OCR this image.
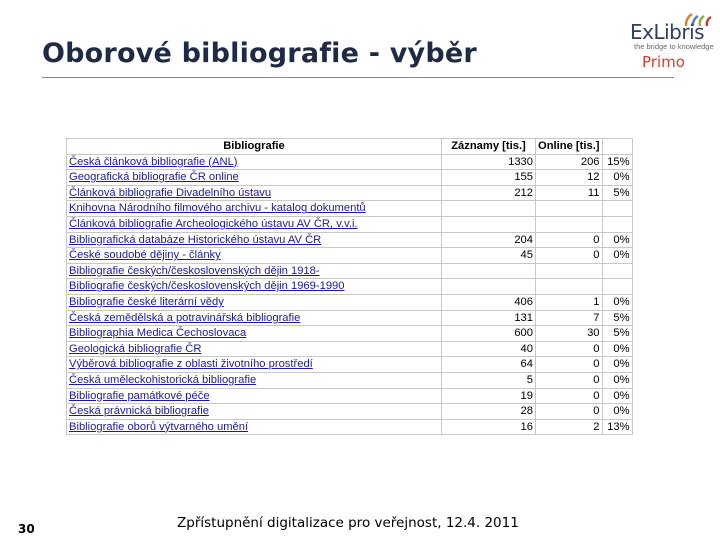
Oborové bibliografie - výběr
ExLibris
the bridge to knowledge
Primo
Bibliografie	Záznamy [tis.]	Online [tis.]	
Česká článková bibliografie (ANL)	1330	206	15%
Geografická bibliografie ČR online	155	12	0%
Článková bibliografie Divadelního ústavu	212	11	5%
Knihovna Národního filmového archivu - katalog dokumentů			
Článková bibliografie Archeologického ústavu AV ČR, v.v.i.			
Bibliografická databáze Historického ústavu AV ČR	204	0	0%
České soudobé dějiny - články	45	0	0%
Bibliografie českých/československých dějin 1918-			
Bibliografie českých/československých dějin 1969-1990			
Bibliografie české literární vědy	406	1	0%
Česká zemědělská a potravinářská bibliografie	131	7	5%
Bibliographia Medica Čechoslovaca	600	30	5%
Geologická bibliografie ČR	40	0	0%
Výběrová bibliografie z oblasti životního prostředí	64	0	0%
Česká uměleckohistorická bibliografie	5	0	0%
Bibliografie památkové péče	19	0	0%
Česká právnická bibliografie	28	0	0%
Bibliografie oborů výtvarného umění	16	2	13%
30	Zpřístupnění digitalizace pro veřejnost, 12.4. 2011
